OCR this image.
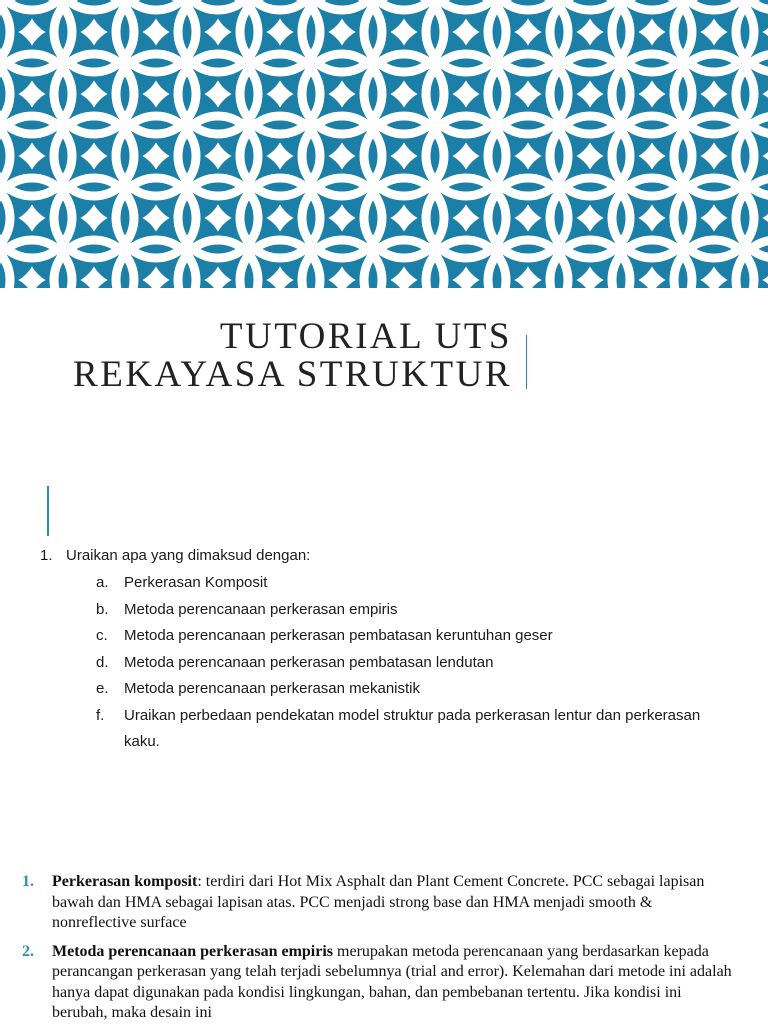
TUTORIAL UTS
REKAYASA STRUKTUR
1. Uraikan apa yang dimaksud dengan:
a.	Perkerasan Komposit
b.	Metoda perencanaan perkerasan empiris
c.	Metoda perencanaan perkerasan pembatasan keruntuhan geser
d.	Metoda perencanaan perkerasan pembatasan lendutan
e.	Metoda perencanaan perkerasan mekanistik
f.	Uraikan perbedaan pendekatan model struktur pada perkerasan lentur dan perkerasan kaku.
1.	Perkerasan komposit: terdiri dari Hot Mix Asphalt dan Plant Cement Concrete. PCC sebagai lapisan bawah dan HMA sebagai lapisan atas. PCC menjadi strong base dan HMA menjadi smooth & nonreflective surface
2.	Metoda perencanaan perkerasan empiris merupakan metoda perencanaan yang berdasarkan kepada perancangan perkerasan yang telah terjadi sebelumnya (trial and error). Kelemahan dari metode ini adalah hanya dapat digunakan pada kondisi lingkungan, bahan, dan pembebanan tertentu. Jika kondisi ini berubah, maka desain ini
